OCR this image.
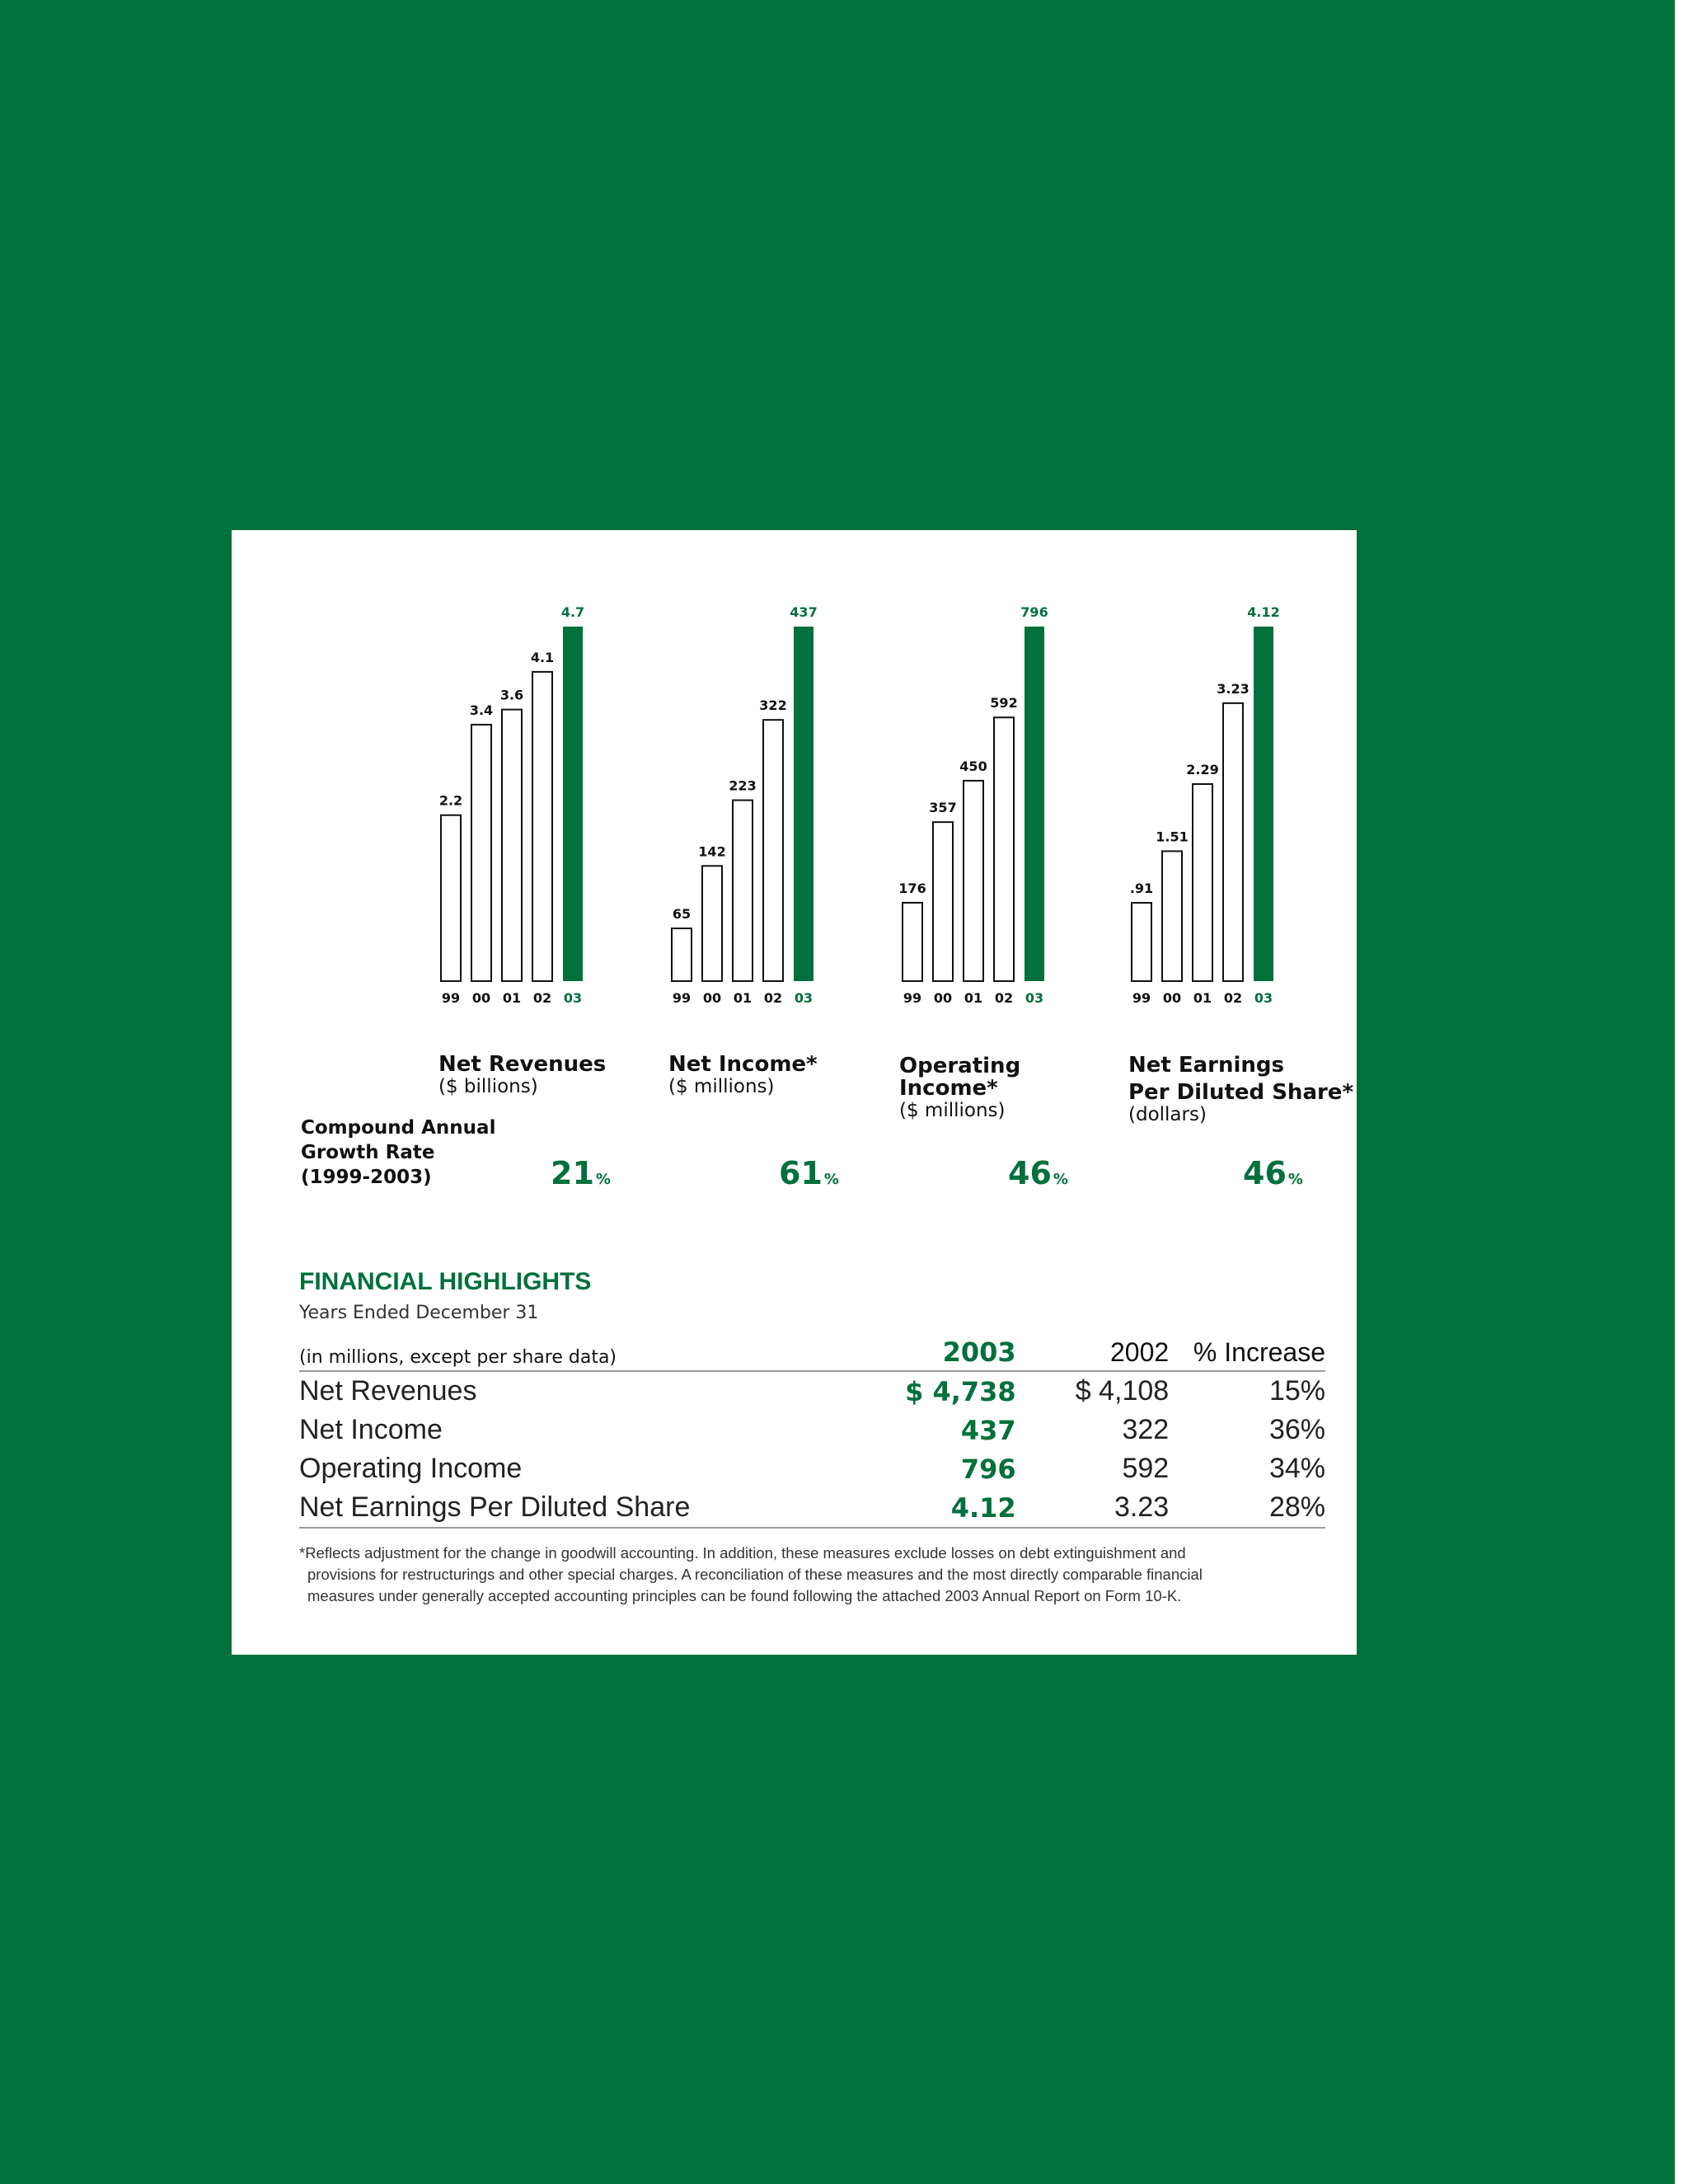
2.2
99
3.4
00
3.6
01
4.1
02
4.7
03
Net Revenues
($ billions)
65
99
142
00
223
01
322
02
437
03
Net Income*
($ millions)
176
99
357
00
450
01
592
02
796
03
Operating
Income*
($ millions)
.91
99
1.51
00
2.29
01
3.23
02
4.12
03
Net Earnings
Per Diluted Share*
(dollars)
Compound Annual
Growth Rate
(1999-2003)	21 %	61 %	46 %	46 %
FINANCIAL HIGHLIGHTS
Years Ended December 31
(in millions, except per share data)	2003	2002	% Increase
Net Revenues	$ 4,738	$ 4,108	15%
Net Income	437	322	36%
Operating Income	796	592	34%
Net Earnings Per Diluted Share	4.12	3.23	28%
*Reflects adjustment for the change in goodwill accounting. In addition, these measures exclude losses on debt extinguishment and
provisions for restructurings and other special charges. A reconciliation of these measures and the most directly comparable financial
measures under generally accepted accounting principles can be found following the attached 2003 Annual Report on Form 10-K.
